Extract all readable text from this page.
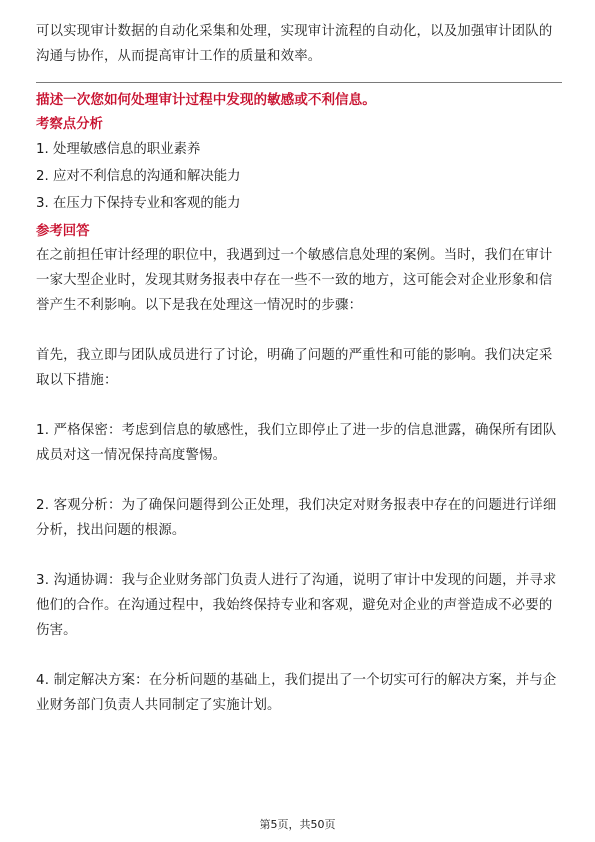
可以实现审计数据的自动化采集和处理，实现审计流程的自动化，以及加强审计团队的沟通与协作，从而提高审计工作的质量和效率。

描述一次您如何处理审计过程中发现的敏感或不利信息。
考察点分析
1. 处理敏感信息的职业素养
2. 应对不利信息的沟通和解决能力
3. 在压力下保持专业和客观的能力
参考回答

在之前担任审计经理的职位中，我遇到过一个敏感信息处理的案例。当时，我们在审计一家大型企业时，发现其财务报表中存在一些不一致的地方，这可能会对企业形象和信誉产生不利影响。以下是我在处理这一情况时的步骤：

首先，我立即与团队成员进行了讨论，明确了问题的严重性和可能的影响。我们决定采取以下措施：

1. 严格保密：考虑到信息的敏感性，我们立即停止了进一步的信息泄露，确保所有团队成员对这一情况保持高度警惕。

2. 客观分析：为了确保问题得到公正处理，我们决定对财务报表中存在的问题进行详细分析，找出问题的根源。

3. 沟通协调：我与企业财务部门负责人进行了沟通，说明了审计中发现的问题，并寻求他们的合作。在沟通过程中，我始终保持专业和客观，避免对企业的声誉造成不必要的伤害。

4. 制定解决方案：在分析问题的基础上，我们提出了一个切实可行的解决方案，并与企业财务部门负责人共同制定了实施计划。

第5页，共50页
